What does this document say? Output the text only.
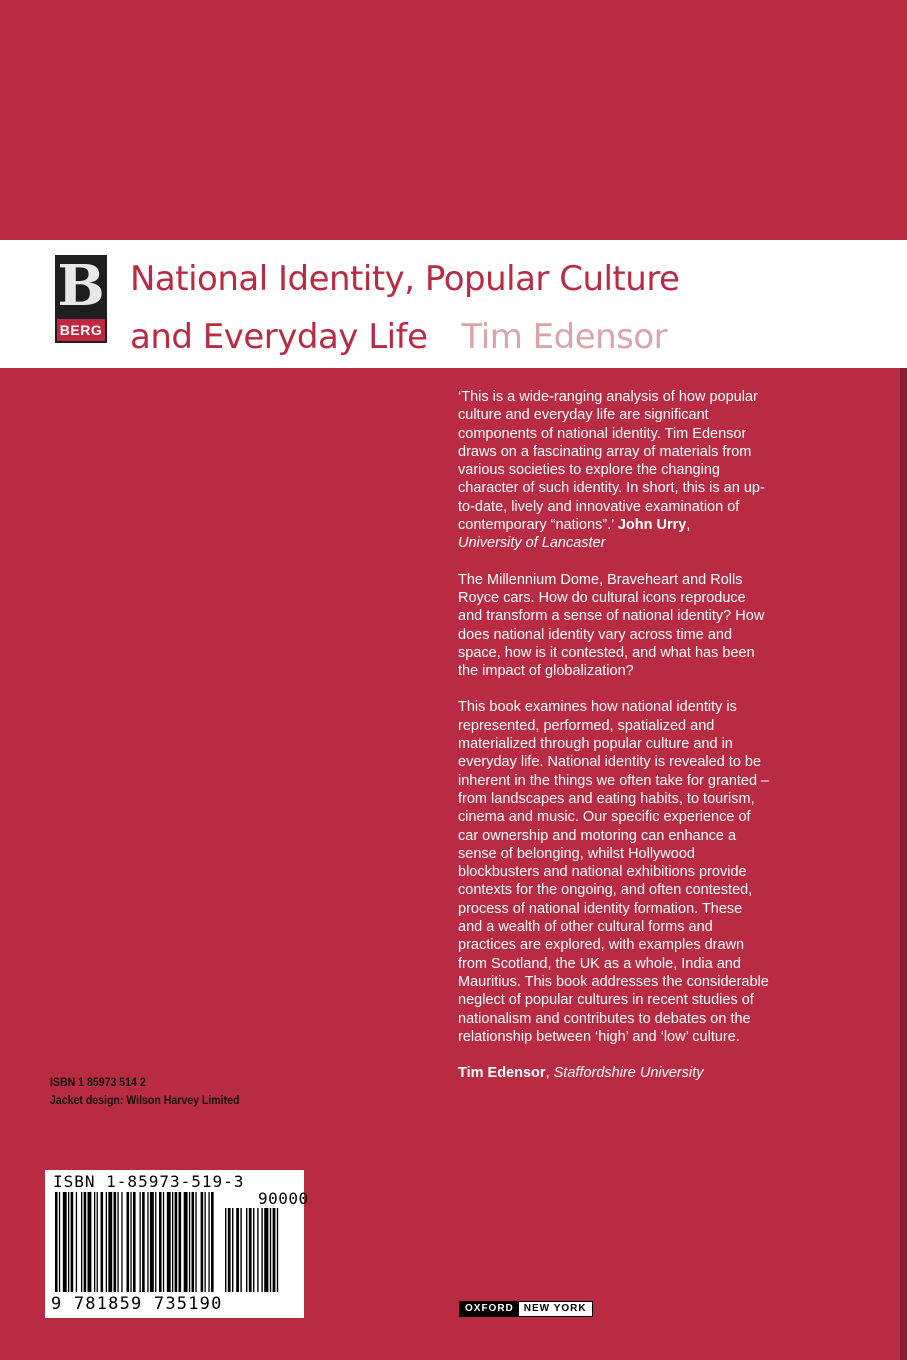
B
BERG
National Identity, Popular Culture
and Everyday Life Tim Edensor

‘This is a wide-ranging analysis of how popular culture and everyday life are significant components of national identity. Tim Edensor draws on a fascinating array of materials from various societies to explore the changing character of such identity. In short, this is an up-to-date, lively and innovative examination of contemporary “nations”.’ John Urry,
University of Lancaster

The Millennium Dome, Braveheart and Rolls Royce cars. How do cultural icons reproduce and transform a sense of national identity? How does national identity vary across time and space, how is it contested, and what has been the impact of globalization?

This book examines how national identity is represented, performed, spatialized and materialized through popular culture and in everyday life. National identity is revealed to be inherent in the things we often take for granted – from landscapes and eating habits, to tourism, cinema and music. Our specific experience of car ownership and motoring can enhance a sense of belonging, whilst Hollywood blockbusters and national exhibitions provide contexts for the ongoing, and often contested, process of national identity formation. These and a wealth of other cultural forms and practices are explored, with examples drawn from Scotland, the UK as a whole, India and Mauritius. This book addresses the considerable neglect of popular cultures in recent studies of nationalism and contributes to debates on the relationship between ‘high’ and ‘low’ culture.

Tim Edensor, Staffordshire University

ISBN 1 85973 514 2
Jacket design: Wilson Harvey Limited
ISBN 1-85973-519-3
90000
9 781859 735190	OXFORD	NEW YORK
